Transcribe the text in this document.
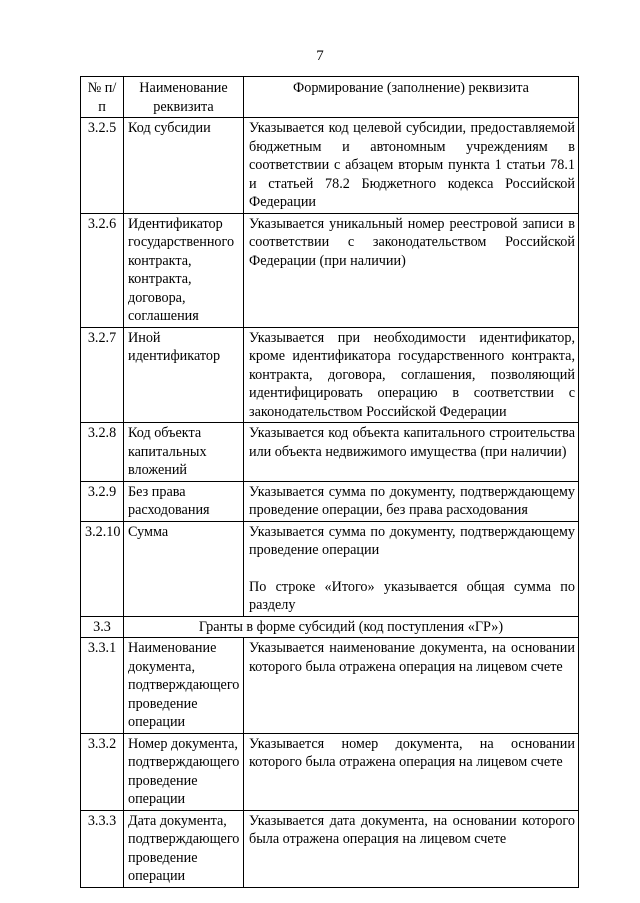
7
№ п/п	Наименование реквизита	Формирование (заполнение) реквизита
3.2.5	Код субсидии	Указывается код целевой субсидии, предоставляемой бюджетным и автономным учреждениям в соответствии с абзацем вторым пункта 1 статьи 78.1 и статьей 78.2 Бюджетного кодекса Российской Федерации
3.2.6	Идентификатор государственного контракта, контракта, договора, соглашения	Указывается уникальный номер реестровой записи в соответствии с законодательством Российской Федерации (при наличии)
3.2.7	Иной идентификатор	Указывается при необходимости идентификатор, кроме идентификатора государственного контракта, контракта, договора, соглашения, позволяющий идентифицировать операцию в соответствии с законодательством Российской Федерации
3.2.8	Код объекта капитальных вложений	Указывается код объекта капитального строительства или объекта недвижимого имущества (при наличии)
3.2.9	Без права расходования	Указывается сумма по документу, подтверждающему проведение операции, без права расходования
3.2.10	Сумма	Указывается сумма по документу, подтверждающему проведение операции

По строке «Итого» указывается общая сумма по разделу

3.3	Гранты в форме субсидий (код поступления «ГР»)	
3.3.1	Наименование документа, подтверждающего проведение операции	Указывается наименование документа, на основании которого была отражена операция на лицевом счете
3.3.2	Номер документа, подтверждающего проведение операции	Указывается номер документа, на основании которого была отражена операция на лицевом счете
3.3.3	Дата документа, подтверждающего проведение операции	Указывается дата документа, на основании которого была отражена операция на лицевом счете
